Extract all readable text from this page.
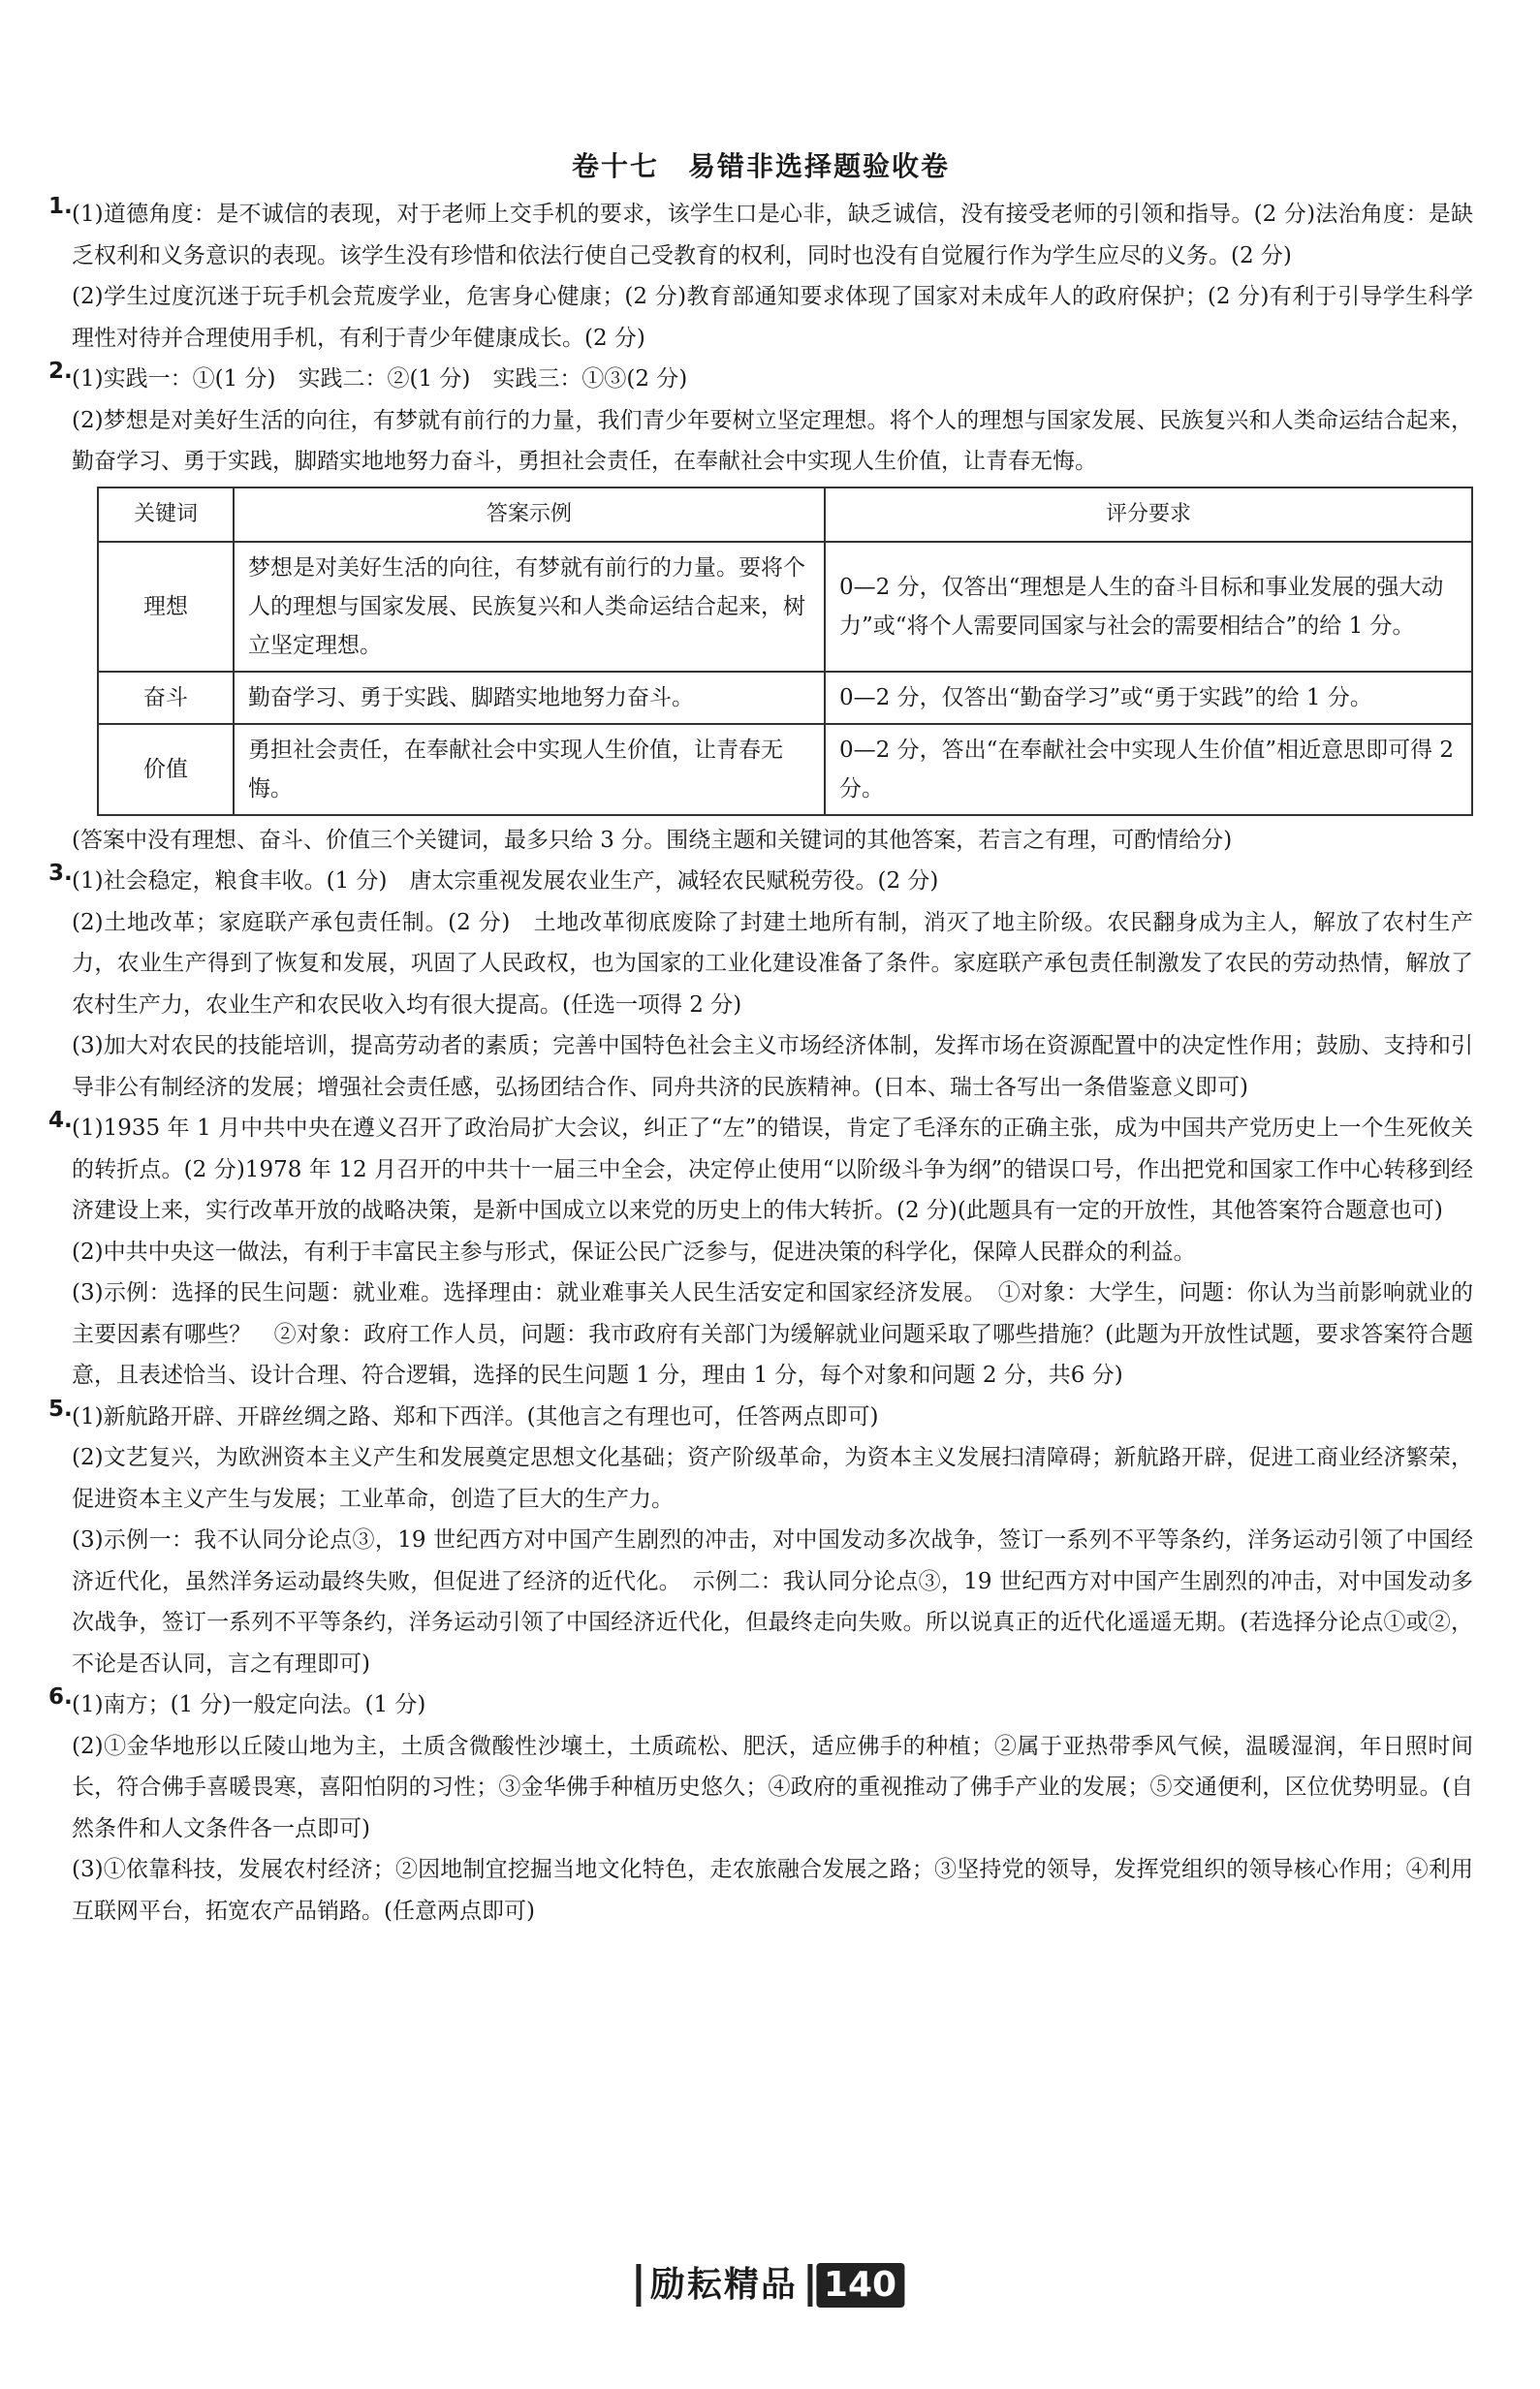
卷十七　易错非选择题验收卷
1. (1)道德角度：是不诚信的表现，对于老师上交手机的要求，该学生口是心非，缺乏诚信，没有接受老师的引领和指导。(2 分)法治角度：是缺乏权利和义务意识的表现。该学生没有珍惜和依法行使自己受教育的权利，同时也没有自觉履行作为学生应尽的义务。(2 分)

(2)学生过度沉迷于玩手机会荒废学业，危害身心健康；(2 分)教育部通知要求体现了国家对未成年人的政府保护；(2 分)有利于引导学生科学理性对待并合理使用手机，有利于青少年健康成长。(2 分)

2. (1)实践一：①(1 分)　实践二：②(1 分)　实践三：①③(2 分)

(2)梦想是对美好生活的向往，有梦就有前行的力量，我们青少年要树立坚定理想。将个人的理想与国家发展、民族复兴和人类命运结合起来，勤奋学习、勇于实践，脚踏实地地努力奋斗，勇担社会责任，在奉献社会中实现人生价值，让青春无悔。

关键词	答案示例	评分要求
理想	梦想是对美好生活的向往，有梦就有前行的力量。要将个人的理想与国家发展、民族复兴和人类命运结合起来，树立坚定理想。	0—2 分，仅答出“理想是人生的奋斗目标和事业发展的强大动力”或“将个人需要同国家与社会的需要相结合”的给 1 分。
奋斗	勤奋学习、勇于实践、脚踏实地地努力奋斗。	0—2 分，仅答出“勤奋学习”或“勇于实践”的给 1 分。
价值	勇担社会责任，在奉献社会中实现人生价值，让青春无悔。	0—2 分，答出“在奉献社会中实现人生价值”相近意思即可得 2 分。

(答案中没有理想、奋斗、价值三个关键词，最多只给 3 分。围绕主题和关键词的其他答案，若言之有理，可酌情给分)

3. (1)社会稳定，粮食丰收。(1 分)　唐太宗重视发展农业生产，减轻农民赋税劳役。(2 分)

(2)土地改革；家庭联产承包责任制。(2 分)　土地改革彻底废除了封建土地所有制，消灭了地主阶级。农民翻身成为主人，解放了农村生产力，农业生产得到了恢复和发展，巩固了人民政权，也为国家的工业化建设准备了条件。家庭联产承包责任制激发了农民的劳动热情，解放了农村生产力，农业生产和农民收入均有很大提高。(任选一项得 2 分)

(3)加大对农民的技能培训，提高劳动者的素质；完善中国特色社会主义市场经济体制，发挥市场在资源配置中的决定性作用；鼓励、支持和引导非公有制经济的发展；增强社会责任感，弘扬团结合作、同舟共济的民族精神。(日本、瑞士各写出一条借鉴意义即可)

4. (1)1935 年 1 月中共中央在遵义召开了政治局扩大会议，纠正了“左”的错误，肯定了毛泽东的正确主张，成为中国共产党历史上一个生死攸关的转折点。(2 分)1978 年 12 月召开的中共十一届三中全会，决定停止使用“以阶级斗争为纲”的错误口号，作出把党和国家工作中心转移到经济建设上来，实行改革开放的战略决策，是新中国成立以来党的历史上的伟大转折。(2 分)(此题具有一定的开放性，其他答案符合题意也可)

(2)中共中央这一做法，有利于丰富民主参与形式，保证公民广泛参与，促进决策的科学化，保障人民群众的利益。

(3)示例：选择的民生问题：就业难。选择理由：就业难事关人民生活安定和国家经济发展。　①对象：大学生，问题：你认为当前影响就业的主要因素有哪些？　②对象：政府工作人员，问题：我市政府有关部门为缓解就业问题采取了哪些措施？(此题为开放性试题，要求答案符合题意，且表述恰当、设计合理、符合逻辑，选择的民生问题 1 分，理由 1 分，每个对象和问题 2 分，共6 分)

5. (1)新航路开辟、开辟丝绸之路、郑和下西洋。(其他言之有理也可，任答两点即可)

(2)文艺复兴，为欧洲资本主义产生和发展奠定思想文化基础；资产阶级革命，为资本主义发展扫清障碍；新航路开辟，促进工商业经济繁荣，促进资本主义产生与发展；工业革命，创造了巨大的生产力。

(3)示例一：我不认同分论点③，19 世纪西方对中国产生剧烈的冲击，对中国发动多次战争，签订一系列不平等条约，洋务运动引领了中国经济近代化，虽然洋务运动最终失败，但促进了经济的近代化。　示例二：我认同分论点③，19 世纪西方对中国产生剧烈的冲击，对中国发动多次战争，签订一系列不平等条约，洋务运动引领了中国经济近代化，但最终走向失败。所以说真正的近代化遥遥无期。(若选择分论点①或②，不论是否认同，言之有理即可)

6. (1)南方；(1 分)一般定向法。(1 分)

(2)①金华地形以丘陵山地为主，土质含微酸性沙壤土，土质疏松、肥沃，适应佛手的种植；②属于亚热带季风气候，温暖湿润，年日照时间长，符合佛手喜暖畏寒，喜阳怕阴的习性；③金华佛手种植历史悠久；④政府的重视推动了佛手产业的发展；⑤交通便利，区位优势明显。(自然条件和人文条件各一点即可)

(3)①依靠科技，发展农村经济；②因地制宜挖掘当地文化特色，走农旅融合发展之路；③坚持党的领导，发挥党组织的领导核心作用；④利用互联网平台，拓宽农产品销路。(任意两点即可)

励耘精品 140
